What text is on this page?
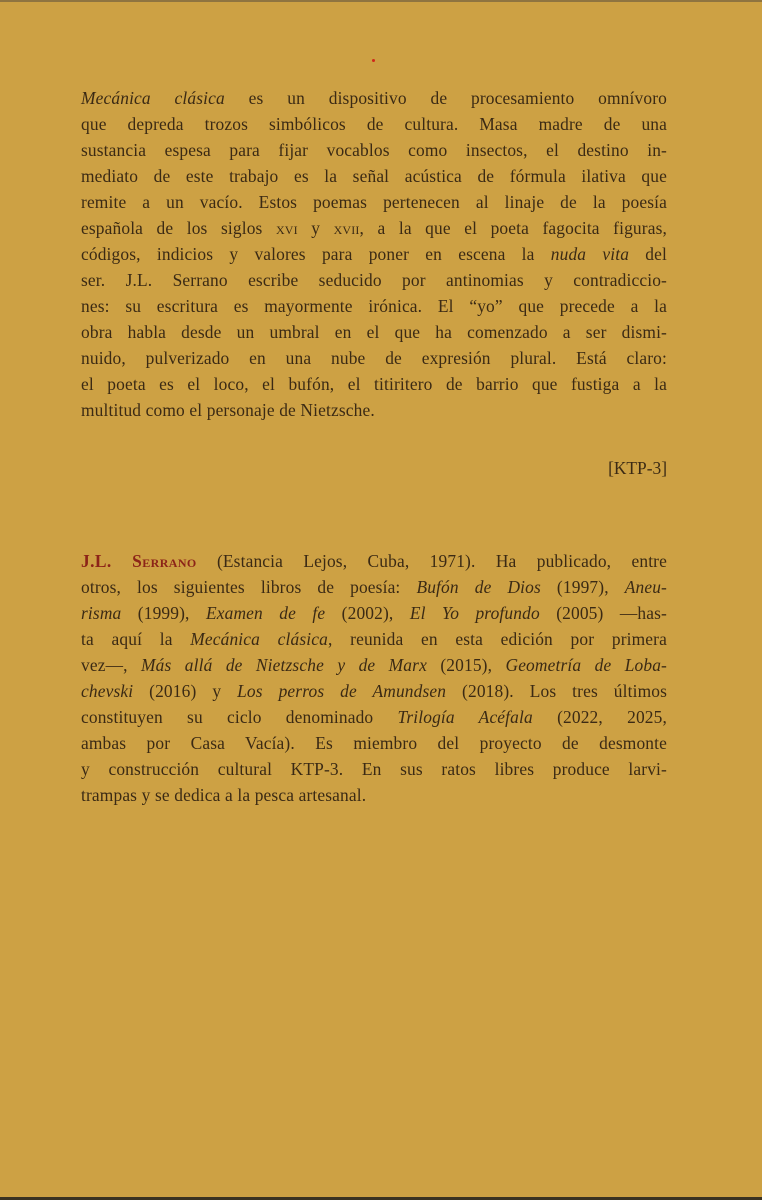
Mecánica clásica es un dispositivo de procesamiento omnívoro
que depreda trozos simbólicos de cultura. Masa madre de una
sustancia espesa para fijar vocablos como insectos, el destino in-
mediato de este trabajo es la señal acústica de fórmula ilativa que
remite a un vacío. Estos poemas pertenecen al linaje de la poesía
española de los siglos xvi y xvii, a la que el poeta fagocita figuras,
códigos, indicios y valores para poner en escena la nuda vita del
ser. J.L. Serrano escribe seducido por antinomias y contradiccio-
nes: su escritura es mayormente irónica. El “yo” que precede a la
obra habla desde un umbral en el que ha comenzado a ser dismi-
nuido, pulverizado en una nube de expresión plural. Está claro:
el poeta es el loco, el bufón, el titiritero de barrio que fustiga a la
multitud como el personaje de Nietzsche.
[KTP-3]
J.L. Serrano (Estancia Lejos, Cuba, 1971). Ha publicado, entre
otros, los siguientes libros de poesía: Bufón de Dios (1997), Aneu-
risma (1999), Examen de fe (2002), El Yo profundo (2005) —has-
ta aquí la Mecánica clásica, reunida en esta edición por primera
vez—, Más allá de Nietzsche y de Marx (2015), Geometría de Loba-
chevski (2016) y Los perros de Amundsen (2018). Los tres últimos
constituyen su ciclo denominado Trilogía Acéfala (2022, 2025,
ambas por Casa Vacía). Es miembro del proyecto de desmonte
y construcción cultural KTP-3. En sus ratos libres produce larvi-
trampas y se dedica a la pesca artesanal.
